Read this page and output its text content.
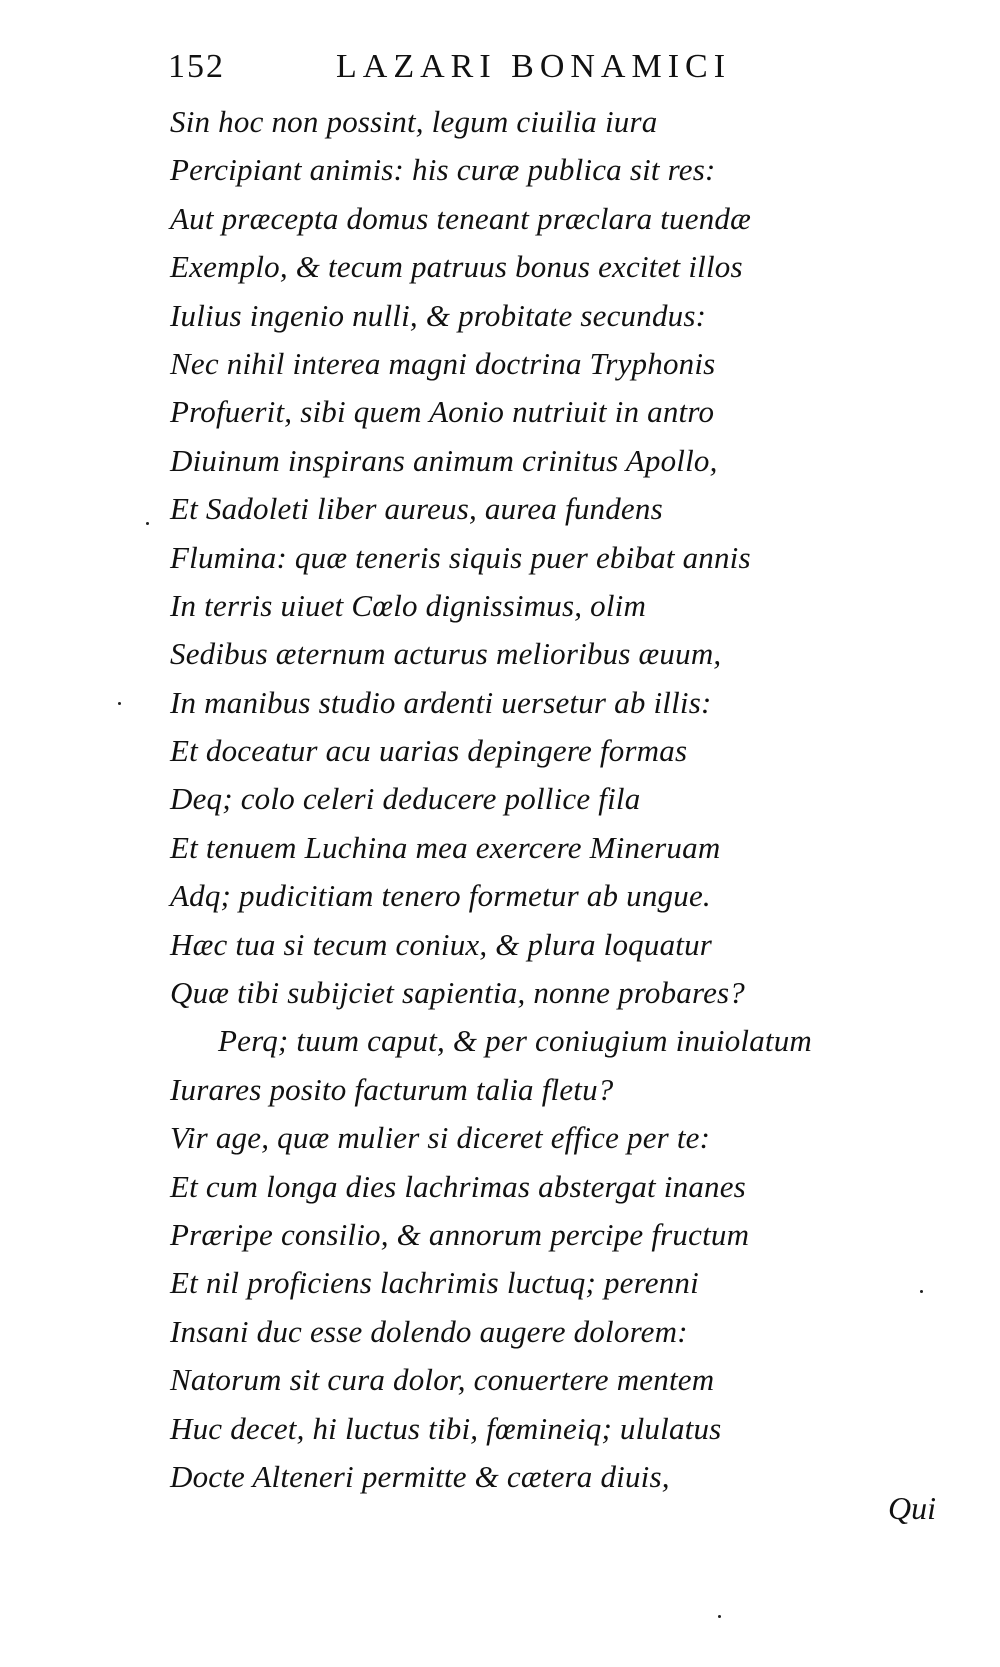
152	LAZARI BONAMICI
Sin hoc non possint, legum ciuilia iura
Percipiant animis: his curæ publica sit res:
Aut præcepta domus teneant præclara tuendæ
Exemplo, & tecum patruus bonus excitet illos
Iulius ingenio nulli, & probitate secundus:
Nec nihil interea magni doctrina Tryphonis
Profuerit, sibi quem Aonio nutriuit in antro
Diuinum inspirans animum crinitus Apollo,
Et Sadoleti liber aureus, aurea fundens
Flumina: quæ teneris siquis puer ebibat annis
In terris uiuet Cœlo dignissimus, olim
Sedibus æternum acturus melioribus æuum,
In manibus studio ardenti uersetur ab illis:
Et doceatur acu uarias depingere formas
Deq; colo celeri deducere pollice fila
Et tenuem Luchina mea exercere Mineruam
Adq; pudicitiam tenero formetur ab ungue.
Hæc tua si tecum coniux, & plura loquatur
Quæ tibi subijciet sapientia, nonne probares?
Perq; tuum caput, & per coniugium inuiolatum
Iurares posito facturum talia fletu?
Vir age, quæ mulier si diceret effice per te:
Et cum longa dies lachrimas abstergat inanes
Præripe consilio, & annorum percipe fructum
Et nil proficiens lachrimis luctuq; perenni
Insani duc esse dolendo augere dolorem:
Natorum sit cura dolor, conuertere mentem
Huc decet, hi luctus tibi, fœmineiq; ululatus
Docte Alteneri permitte & cætera diuis,
Qui
